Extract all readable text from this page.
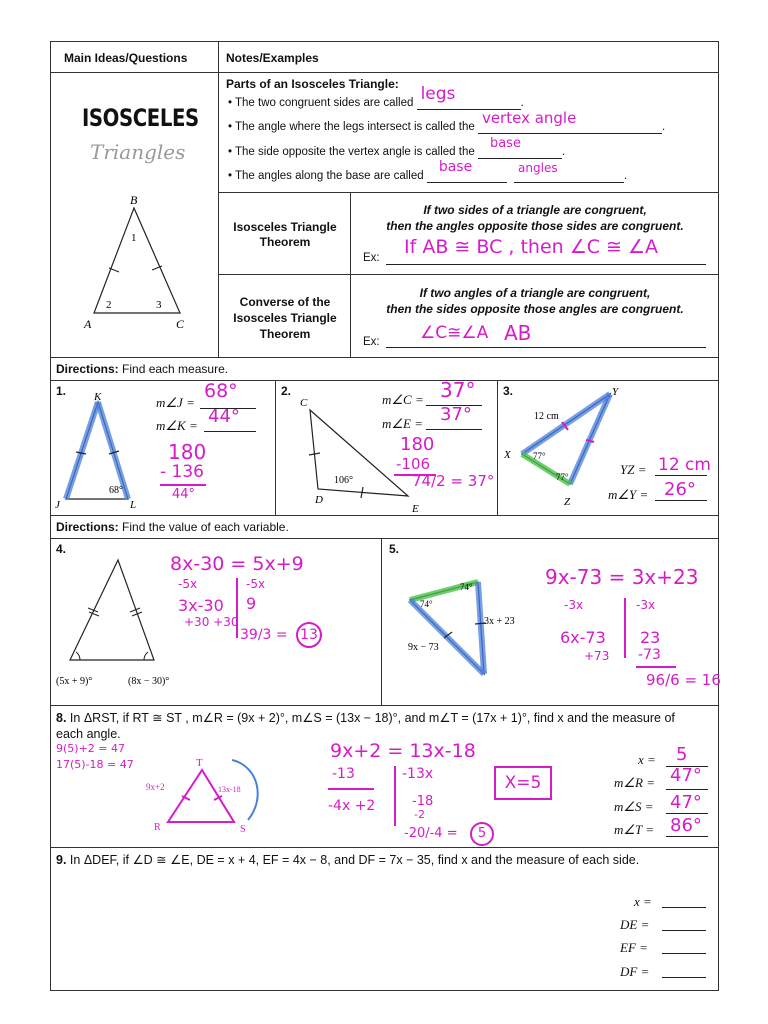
Main Ideas/Questions	Notes/Examples
ISOSCELES
Triangles
B
A	C
1
2	3
Parts of an Isosceles Triangle:
• The two congruent sides are called legs	.
• The angle where the legs intersect is called the vertex angle	.
• The side opposite the vertex angle is called the
base
.
• The angles along the base are called
base
	angles
.
Isosceles Triangle Theorem
If two sides of a triangle are congruent,
then the angles opposite those sides are congruent.
Ex: If AB ≅ BC , then ∠C ≅ ∠A
Converse of the Isosceles Triangle Theorem
If two angles of a triangle are congruent,
then the sides opposite those angles are congruent.
Ex: ∠C≅∠A AB
Directions: Find each measure.
1.	K
J	L
68°
m∠J =
68°
m∠K = 44°
180
- 136
44°
2.
C
D
E
106°
m∠C = 37°
m∠E = 37°
180
-106
74/2 = 37°
3.	Y
X
Z
12 cm
77°
77°	YZ = 12 cm
m∠Y = 26°
Directions: Find the value of each variable.
4.
(5x + 9)°	(8x − 30)°
8x-30 = 5x+9
-5x	-5x
3x-30 9
+30 +30
39/3 = 13
5.
74°
74°
3x + 23
9x − 73
9x-73 = 3x+23
-3x	-3x
6x-73 23
+73 -73
96/6 = 16
8. In ΔRST, if RT ≅ ST , m∠R = (9x + 2)°, m∠S = (13x − 18)°, and m∠T = (17x + 1)°, find x and the measure of each angle.
9(5)+2 = 47
17(5)-18 = 47	T
R	S
9x+2	13x-18
9x+2 = 13x-18
-13	-13x
-4x +2	-18
-2
-20/-4 =	5
X=5
x = 5
m∠R = 47°
m∠S = 47°
m∠T = 86°
9. In ΔDEF, if ∠D ≅ ∠E, DE = x + 4, EF = 4x − 8, and DF = 7x − 35, find x and the measure of each side.
x =
DE =
EF =
DF =
